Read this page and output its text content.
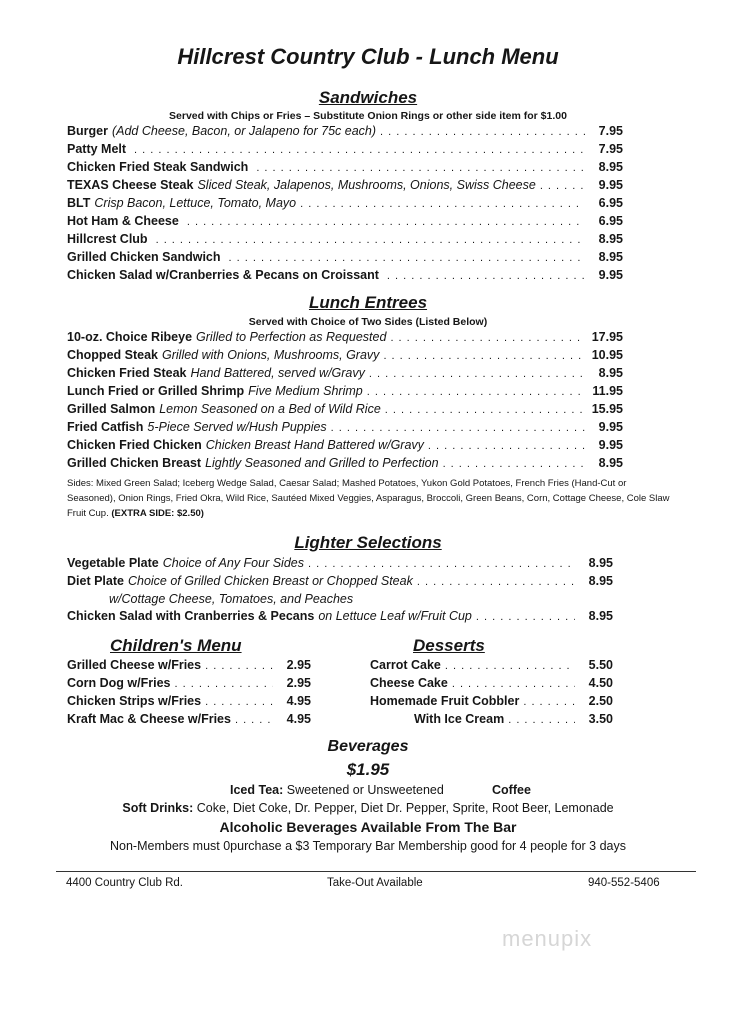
Hillcrest Country Club - Lunch Menu
Sandwiches
Served with Chips or Fries – Substitute Onion Rings or other side item for $1.00
Burger (Add Cheese, Bacon, or Jalapeno for 75c each) . . .	7.95
Patty Melt . . .	7.95
Chicken Fried Steak Sandwich . . .	8.95
TEXAS Cheese Steak Sliced Steak, Jalapenos, Mushrooms, Onions, Swiss Cheese . . .	9.95
BLT Crisp Bacon, Lettuce, Tomato, Mayo . . .	6.95
Hot Ham & Cheese . . .	6.95
Hillcrest Club . . .	8.95
Grilled Chicken Sandwich . . .	8.95
Chicken Salad w/Cranberries & Pecans on Croissant . . .	9.95
Lunch Entrees
Served with Choice of Two Sides (Listed Below)
10-oz. Choice Ribeye Grilled to Perfection as Requested . . .	17.95
Chopped Steak Grilled with Onions, Mushrooms, Gravy . . .	10.95
Chicken Fried Steak Hand Battered, served w/Gravy . . .	8.95
Lunch Fried or Grilled Shrimp Five Medium Shrimp . . .	11.95
Grilled Salmon Lemon Seasoned on a Bed of Wild Rice . . .	15.95
Fried Catfish 5-Piece Served w/Hush Puppies . . .	9.95
Chicken Fried Chicken Chicken Breast Hand Battered w/Gravy . . .	9.95
Grilled Chicken Breast Lightly Seasoned and Grilled to Perfection . . .	8.95
Sides: Mixed Green Salad; Iceberg Wedge Salad, Caesar Salad; Mashed Potatoes, Yukon Gold Potatoes, French Fries (Hand-Cut or Seasoned), Onion Rings, Fried Okra, Wild Rice, Sautéed Mixed Veggies, Asparagus, Broccoli, Green Beans, Corn, Cottage Cheese, Cole Slaw Fruit Cup. (EXTRA SIDE: $2.50)
Lighter Selections
Vegetable Plate Choice of Any Four Sides . . .	8.95
Diet Plate Choice of Grilled Chicken Breast or Chopped Steak . . .	8.95
w/Cottage Cheese, Tomatoes, and Peaches
Chicken Salad with Cranberries & Pecans on Lettuce Leaf w/Fruit Cup . . .	8.95
Children's Menu
Grilled Cheese w/Fries . . .	2.95
Corn Dog w/Fries . . .	2.95
Chicken Strips w/Fries . . .	4.95
Kraft Mac & Cheese w/Fries . . .	4.95
Desserts
Carrot Cake . . .	5.50
Cheese Cake . . .	4.50
Homemade Fruit Cobbler . . .	2.50
With Ice Cream . . .	3.50
Beverages
$1.95
Iced Tea: Sweetened or Unsweetened	Coffee
Soft Drinks: Coke, Diet Coke, Dr. Pepper, Diet Dr. Pepper, Sprite, Root Beer, Lemonade
Alcoholic Beverages Available From The Bar
Non-Members must 0purchase a $3 Temporary Bar Membership good for 4 people for 3 days
4400 Country Club Rd.	Take-Out Available	940-552-5406
menupix
